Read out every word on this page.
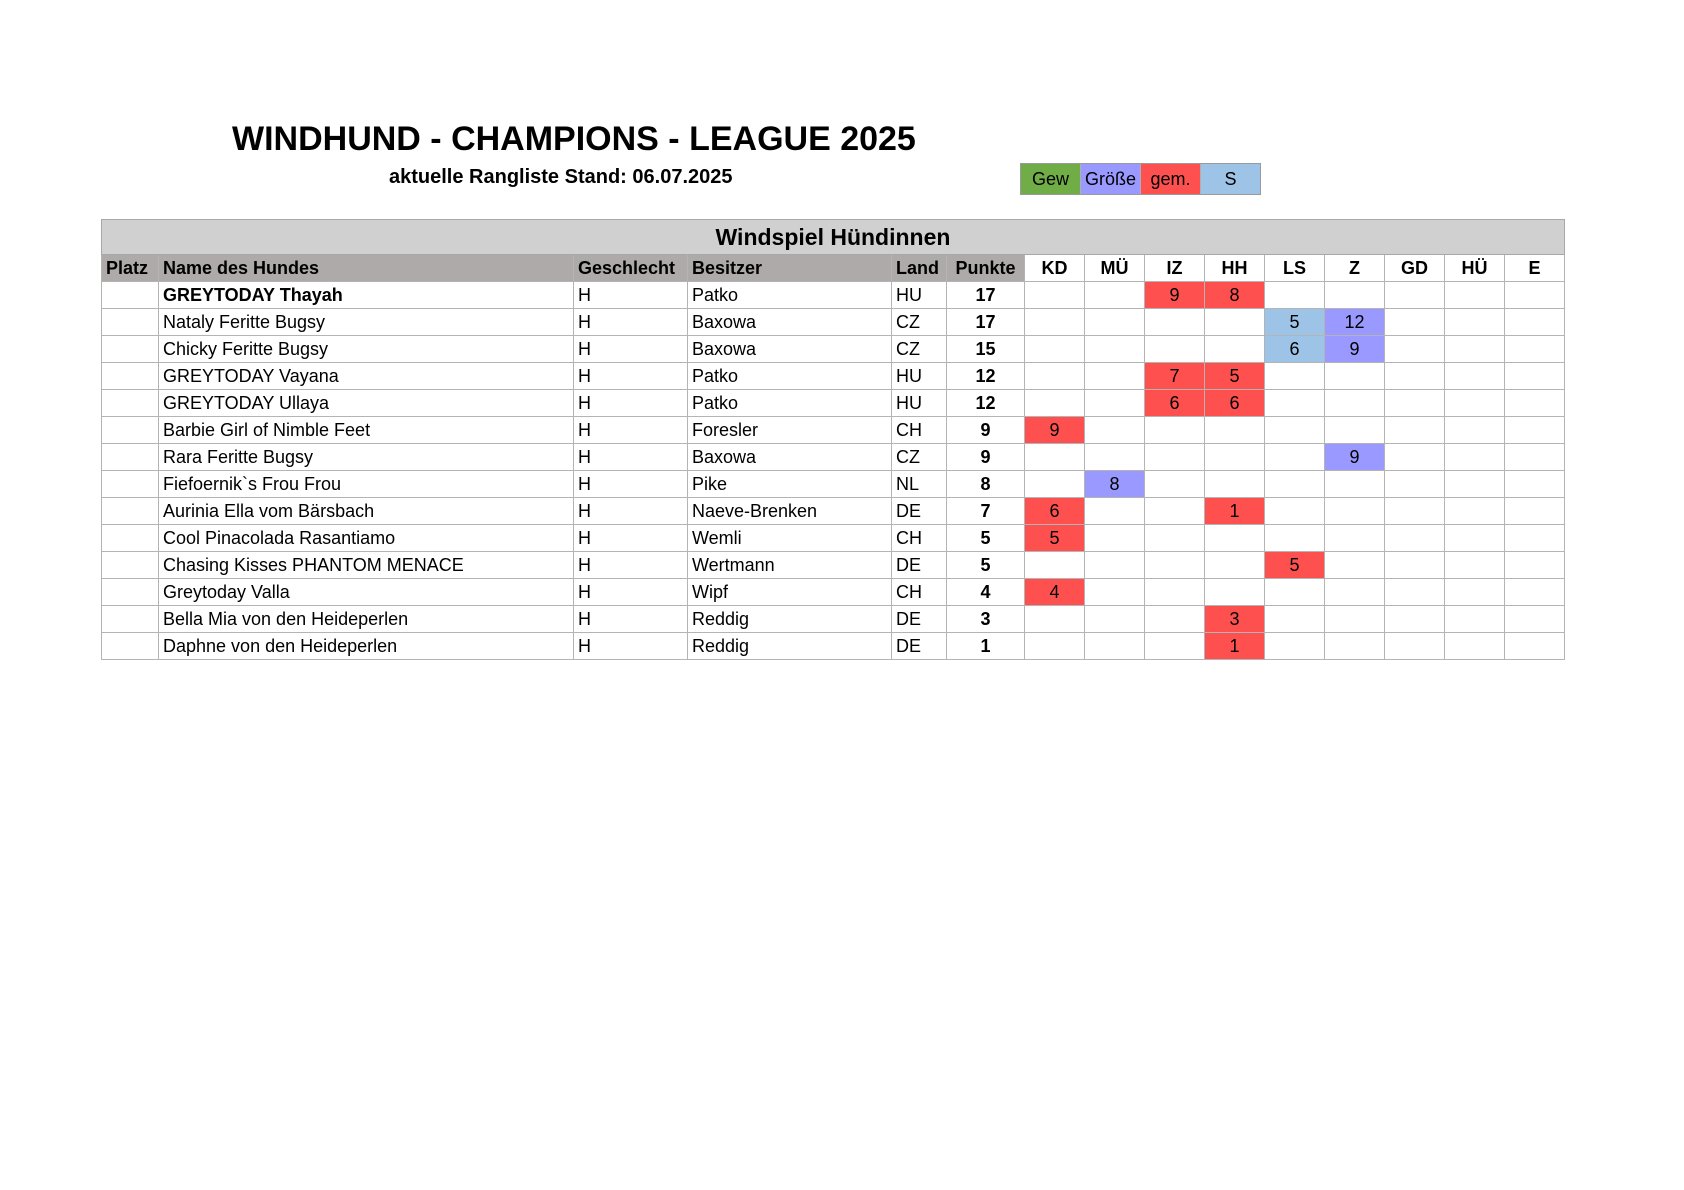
WINDHUND - CHAMPIONS - LEAGUE 2025
aktuelle Rangliste Stand: 06.07.2025	Gew Größe gem.	S
Windspiel Hündinnen														
Platz	Name des Hundes	Geschlecht	Besitzer	Land	Punkte	KD	MÜ	IZ	HH	LS	Z	GD	HÜ	E
	GREYTODAY Thayah	H	Patko	HU	17			9	8					
	Nataly Feritte Bugsy	H	Baxowa	CZ	17					5	12			
	Chicky Feritte Bugsy	H	Baxowa	CZ	15					6	9			
	GREYTODAY Vayana	H	Patko	HU	12			7	5					
	GREYTODAY Ullaya	H	Patko	HU	12			6	6					
	Barbie Girl of Nimble Feet	H	Foresler	CH	9	9								
	Rara Feritte Bugsy	H	Baxowa	CZ	9						9			
	Fiefoernik`s Frou Frou	H	Pike	NL	8		8							
	Aurinia Ella vom Bärsbach	H	Naeve-Brenken	DE	7	6			1					
	Cool Pinacolada Rasantiamo	H	Wemli	CH	5	5								
	Chasing Kisses PHANTOM MENACE	H	Wertmann	DE	5					5				
	Greytoday Valla	H	Wipf	CH	4	4								
	Bella Mia von den Heideperlen	H	Reddig	DE	3				3					
	Daphne von den Heideperlen	H	Reddig	DE	1				1					
